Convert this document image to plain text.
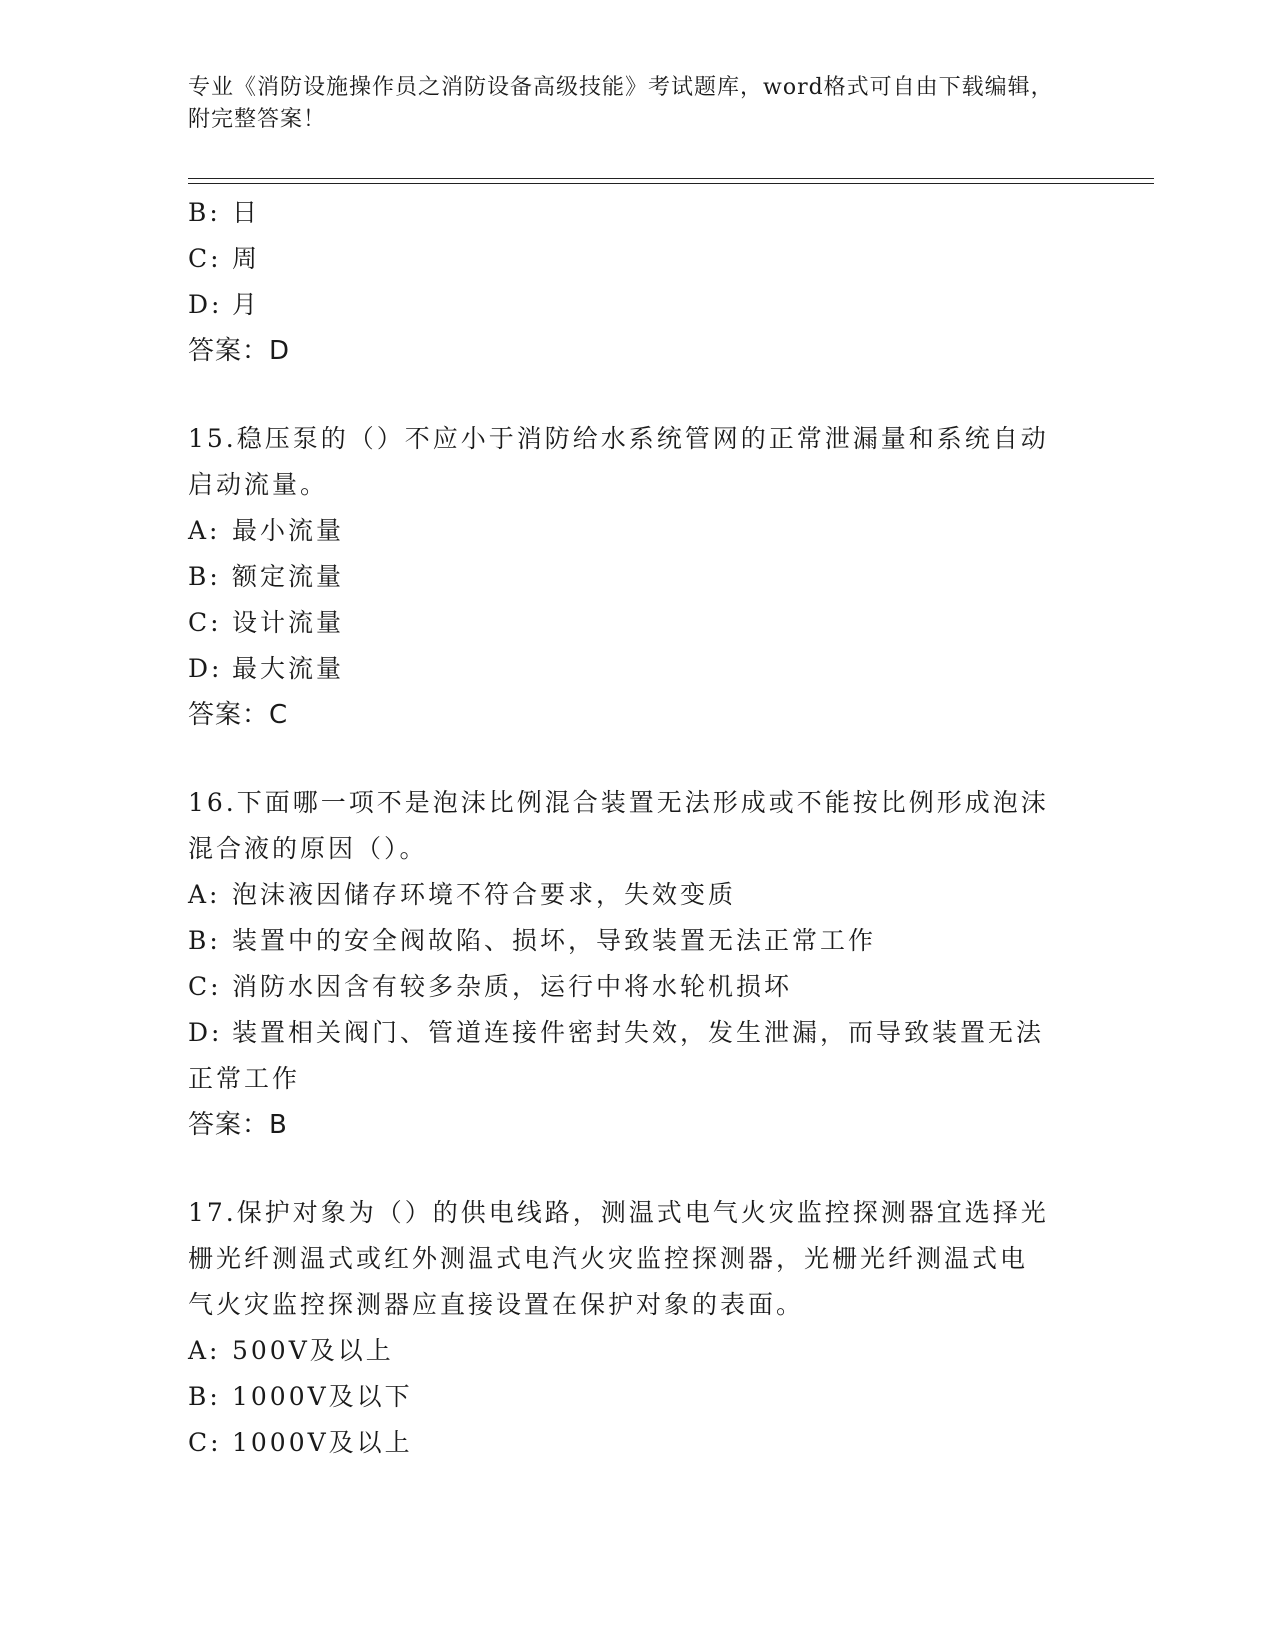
专业《消防设施操作员之消防设备高级技能》考试题库，word格式可自由下载编辑，附完整答案！
B: 日
C: 周
D: 月
答案：D
15.稳压泵的（）不应小于消防给水系统管网的正常泄漏量和系统自动
启动流量。
A: 最小流量
B: 额定流量
C: 设计流量
D: 最大流量
答案：C
16.下面哪一项不是泡沫比例混合装置无法形成或不能按比例形成泡沫
混合液的原因（）。
A: 泡沫液因储存环境不符合要求，失效变质
B: 装置中的安全阀故陷、损坏，导致装置无法正常工作
C: 消防水因含有较多杂质，运行中将水轮机损坏
D: 装置相关阀门、管道连接件密封失效，发生泄漏，而导致装置无法
正常工作
答案：B
17.保护对象为（）的供电线路，测温式电气火灾监控探测器宜选择光
栅光纤测温式或红外测温式电汽火灾监控探测器，光栅光纤测温式电
气火灾监控探测器应直接设置在保护对象的表面。
A: 500V及以上
B: 1000V及以下
C: 1000V及以上
